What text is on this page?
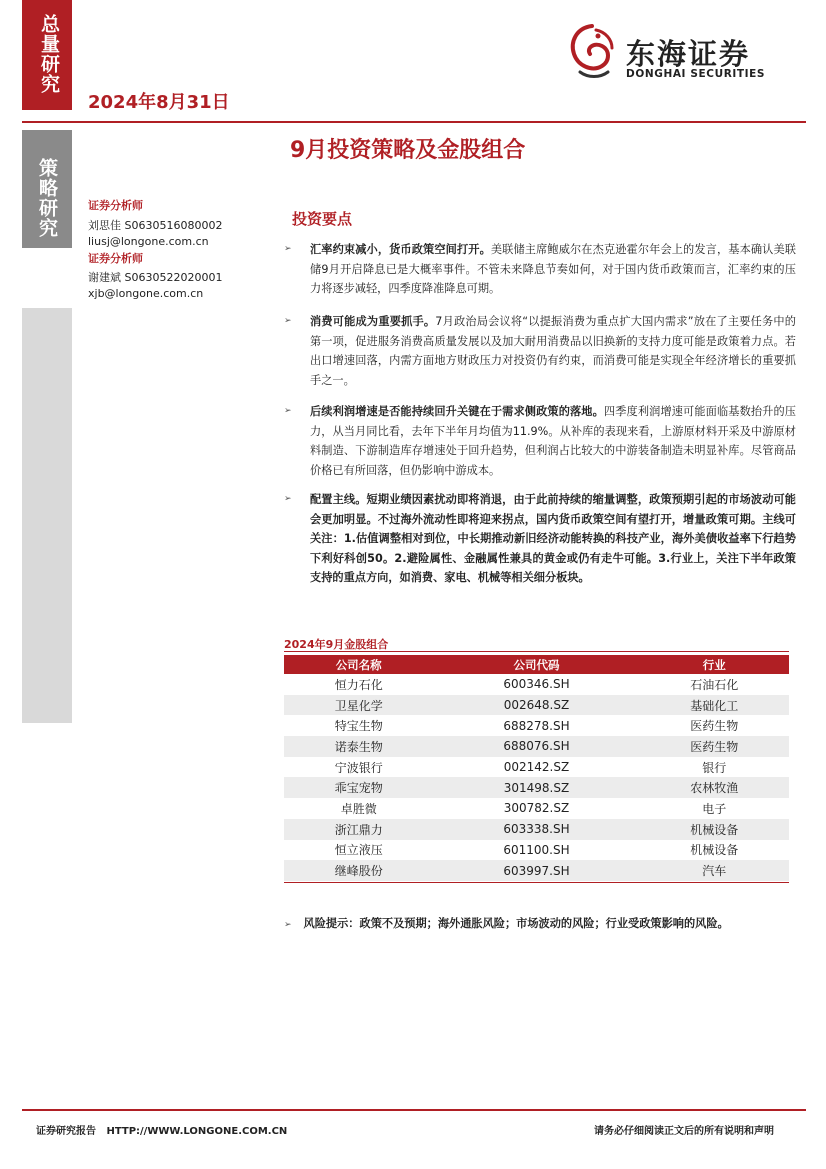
总量研究
策略研究
2024年8月31日
东海证券
DONGHAI SECURITIES
9月投资策略及金股组合
证券分析师
刘思佳 S0630516080002
liusj@longone.com.cn
证券分析师
谢建斌 S0630522020001
xjb@longone.com.cn
投资要点
➢ 汇率约束减小，货币政策空间打开。美联储主席鲍威尔在杰克逊霍尔年会上的发言，基本确认美联储9月开启降息已是大概率事件。不管未来降息节奏如何，对于国内货币政策而言，汇率约束的压力将逐步减轻，四季度降准降息可期。
➢ 消费可能成为重要抓手。7月政治局会议将“以提振消费为重点扩大国内需求”放在了主要任务中的第一项，促进服务消费高质量发展以及加大耐用消费品以旧换新的支持力度可能是政策着力点。若出口增速回落，内需方面地方财政压力对投资仍有约束，而消费可能是实现全年经济增长的重要抓手之一。
➢ 后续利润增速是否能持续回升关键在于需求侧政策的落地。四季度利润增速可能面临基数抬升的压力，从当月同比看，去年下半年月均值为11.9%。从补库的表现来看，上游原材料开采及中游原材料制造、下游制造库存增速处于回升趋势，但利润占比较大的中游装备制造未明显补库。尽管商品价格已有所回落，但仍影响中游成本。
➢ 配置主线。短期业绩因素扰动即将消退，由于此前持续的缩量调整，政策预期引起的市场波动可能会更加明显。不过海外流动性即将迎来拐点，国内货币政策空间有望打开，增量政策可期。主线可关注：1.估值调整相对到位，中长期推动新旧经济动能转换的科技产业，海外美债收益率下行趋势下利好科创50。2.避险属性、金融属性兼具的黄金或仍有走牛可能。3.行业上，关注下半年政策支持的重点方向，如消费、家电、机械等相关细分板块。
2024年9月金股组合
公司名称	公司代码	行业
恒力石化	600346.SH	石油石化
卫星化学	002648.SZ	基础化工
特宝生物	688278.SH	医药生物
诺泰生物	688076.SH	医药生物
宁波银行	002142.SZ	银行
乖宝宠物	301498.SZ	农林牧渔
卓胜微	300782.SZ	电子
浙江鼎力	603338.SH	机械设备
恒立液压	601100.SH	机械设备
继峰股份	603997.SH	汽车
➢ 风险提示：政策不及预期；海外通胀风险；市场波动的风险；行业受政策影响的风险。
证券研究报告 HTTP://WWW.LONGONE.COM.CN	请务必仔细阅读正文后的所有说明和声明
